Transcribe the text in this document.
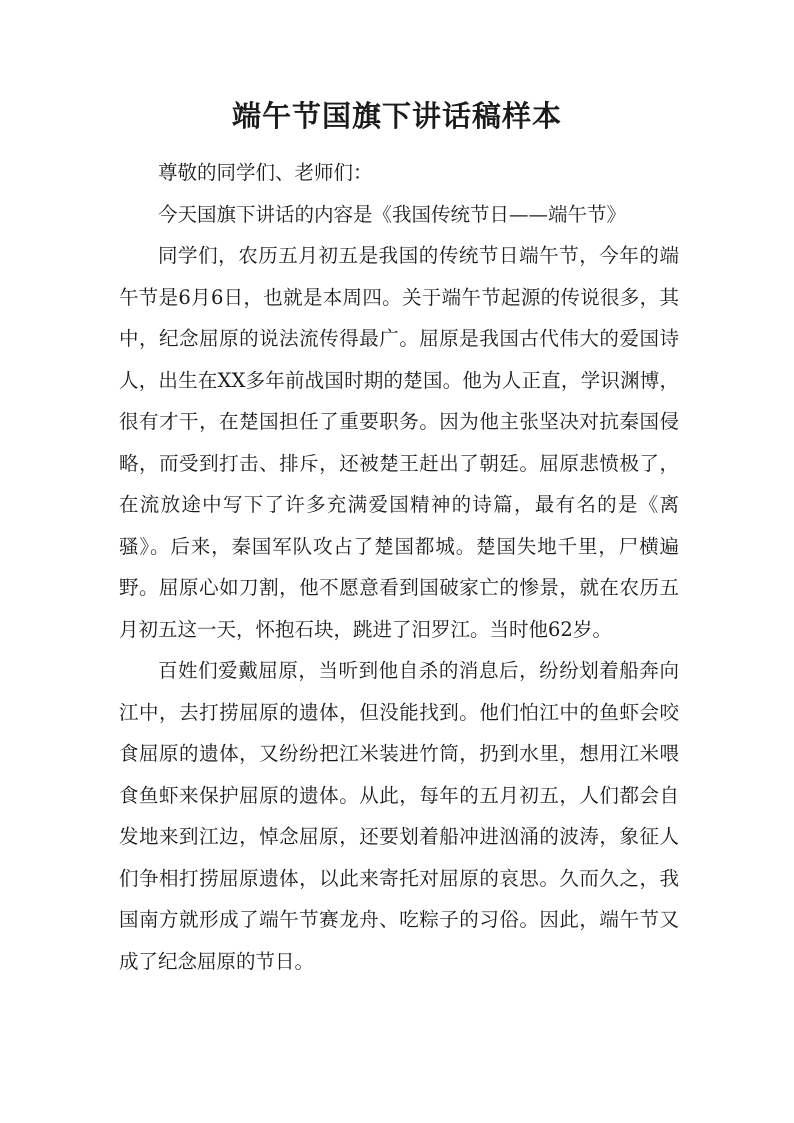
端午节国旗下讲话稿样本

尊敬的同学们、老师们：

今天国旗下讲话的内容是《我国传统节日——端午节》

同学们，农历五月初五是我国的传统节日端午节，今年的端午节是6月6日，也就是本周四。关于端午节起源的传说很多，其中，纪念屈原的说法流传得最广。屈原是我国古代伟大的爱国诗人，出生在XX多年前战国时期的楚国。他为人正直，学识渊博，很有才干，在楚国担任了重要职务。因为他主张坚决对抗秦国侵略，而受到打击、排斥，还被楚王赶出了朝廷。屈原悲愤极了，在流放途中写下了许多充满爱国精神的诗篇，最有名的是《离骚》。后来，秦国军队攻占了楚国都城。楚国失地千里，尸横遍野。屈原心如刀割，他不愿意看到国破家亡的惨景，就在农历五月初五这一天，怀抱石块，跳进了汨罗江。当时他62岁。

百姓们爱戴屈原，当听到他自杀的消息后，纷纷划着船奔向江中，去打捞屈原的遗体，但没能找到。他们怕江中的鱼虾会咬食屈原的遗体，又纷纷把江米装进竹筒，扔到水里，想用江米喂食鱼虾来保护屈原的遗体。从此，每年的五月初五，人们都会自发地来到江边，悼念屈原，还要划着船冲进汹涌的波涛，象征人们争相打捞屈原遗体，以此来寄托对屈原的哀思。久而久之，我国南方就形成了端午节赛龙舟、吃粽子的习俗。因此，端午节又成了纪念屈原的节日。
